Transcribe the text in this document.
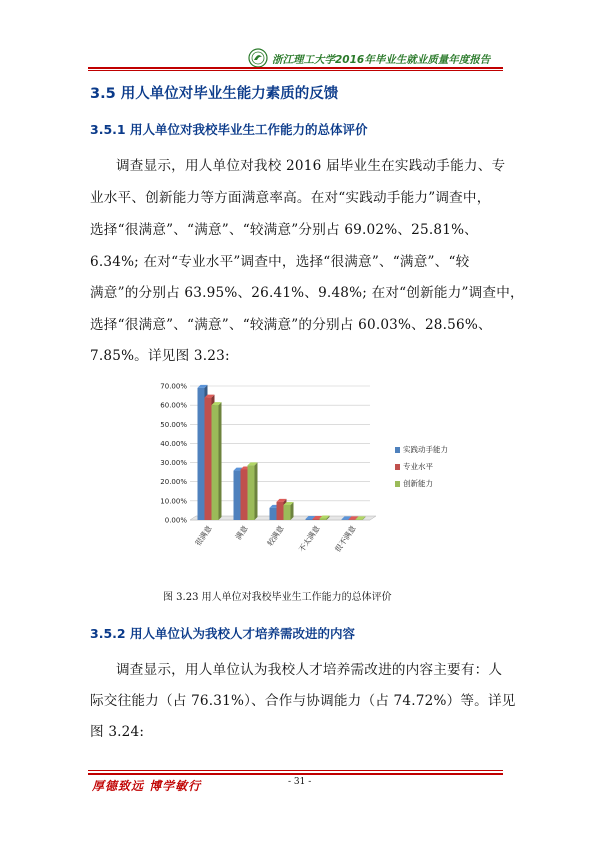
浙江理工大学2016年毕业生就业质量年度报告
3.5 用人单位对毕业生能力素质的反馈
3.5.1 用人单位对我校毕业生工作能力的总体评价
调查显示，用人单位对我校 2016 届毕业生在实践动手能力、专
业水平、创新能力等方面满意率高。在对“实践动手能力”调查中，
选择“很满意”、“满意”、“较满意”分别占 69.02%、25.81%、
6.34%; 在对“专业水平”调查中，选择“很满意”、“满意”、“较
满意”的分别占 63.95%、26.41%、9.48%; 在对“创新能力”调查中，
选择“很满意”、“满意”、“较满意”的分别占 60.03%、28.56%、
7.85%。详见图 3.23:
0.00%
10.00%
20.00%
30.00%
40.00%
50.00%
60.00%
70.00%
很满意	满意 较满意 不太满意 很不满意
实践动手能力
专业水平
创新能力
图 3.23 用人单位对我校毕业生工作能力的总体评价
3.5.2 用人单位认为我校人才培养需改进的内容
调查显示，用人单位认为我校人才培养需改进的内容主要有：人
际交往能力（占 76.31%）、合作与协调能力（占 74.72%）等。详见
图 3.24:
厚德致远 博学敏行	- 31 -
